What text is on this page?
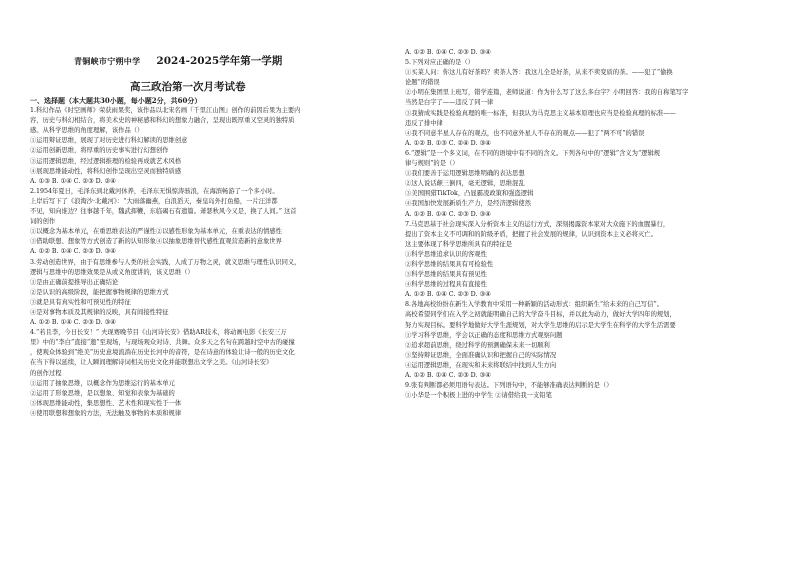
青铜峡市宁朔中学 2024-2025学年第一学期
高三政治第一次月考试卷
一、选择题（本大题共30小题，每小题2分，共60分）
1.科幻作品《时空画师》荣获雨果奖，该作品以北宋名画『千里江山图』创作的前因后果为主要内
容，历史与科幻相结合，将美术史的神秘感和科幻的想象力融合，呈现出既厚重又空灵的独特质
感。从科学思维的角度理解，该作品（）
①运用辩证思维，展现了对历史进行科幻解读的思维创意
②运用创新思维，将厚重的历史事实进行幻想创作
③运用逻辑思维，经过逻辑推理的检验再成就艺术风格
④展现思维能动性，将科幻创作呈现出空灵而独特质感
A. ①③ B. ①④ C. ②③ D. ②④
2.1954年夏日，毛泽东到北戴河休养，毛泽东无惧惊涛骇浪，在海滨畅游了一个多小时。
上岸后写下了《浪淘沙·北戴河》：“大雨落幽燕，白浪滔天，秦皇岛外打鱼船，一片汪洋都
不见，知向谁边？往事越千年，魏武挥鞭，东临碣石有遗篇。萧瑟秋风今又是，换了人间。” 这首
词的创作
①以概念为基本单元，在重思维表达的严谨性②以感性形象为基本单元，在重表达的情感性
③借助联想、想象等方式创造了新的认知形象④以抽象思维替代感性直观营造新的意象世界
A. ①② B. ①④ C. ②③ D. ③④
3.劳动创造世界，由于有思维参与人类的社会实践，人成了万物之灵，就义思维与理性认识同义，
逻辑与思维中的思维效果是从或义角度讲的，该义思维（）
①是由正确前提推导出正确结论
②是认识的高级阶段，能把握事物规律的思维方式
③就是具有真实性和可预见性的特征
④是对事物本质及其规律的反映，具有间接性特征
A. ①② B. ①④ C. ②③ D. ③④
4.“若且李，今日长安！” 夫现赛晚节目《山河诗长安》借助AR技术，将动画电影《长安三万
里》中的“李白”直接“邀”至现场，与现场观众对诗、共舞。众多天之名句在跨越时空中古的碰撞
，使观众体验到“绝美”历史意境流淌在历史长河中的音符，是在诗意的体验让诗一般的历史文化
在当下得以延续，让人瞬间理解诗词相关历史文化并能联想出文学之美。《山河诗长安》
的创作过程
①运用了抽象思维，以概念作为思维运行的基本单元
②运用了形象思维，是以想象、知觉和表象为基础的
③体现思维能动性，集思想性、艺术性和现实性于一体
④使用联想和想象的方法，无法触及事物的本质和规律
A. ①② B. ①④ C. ②③ D. ③④
5.下列对应正确的是（）
①买菜人问：你这儿有好茶吗？卖茶人答：我这儿全是好茶，从来不卖变质的茶。——犯了“偷换
论题”的错误
②小明在集团里上班写，错学连篇，老师说道：作为什么写了这么多白字？小明回答：我的自称笔写字
当然是白字了——违反了同一律
③我猜成实践是检验真理的唯一标准，但我认为马克思主义基本原理也应当是检验真理的标准——
违反了排中律
④我不同意半星人存在的观点，也不同意外星人不存在的观点——犯了“两不可”的错误
A. ①② B. ①③ C. ②④ D. ③④
6.“逻辑”是一个多义词，在不同的语境中有不同的含义。下列各句中的“逻辑”含义为“逻辑规
律与规则”的是（）
①我们要善于运用逻辑思维明确的表达思想
②这人说话颠三倒四，毫无逻辑，思维混乱
③美国围猎TikTok，凸显霸凌政策和强盗逻辑
④我国加快发展新质生产力，是经济逻辑使然
A. ①② B. ①④ C. ②③ D. ③④
7.马克思基于社会现实深入分析资本主义的运行方式，深刻揭露资本家对大众施下的血腥暴行，
提出了资本主义不可调和的阶级矛盾，把握了社会发展的规律，认识到资本主义必将灭亡。
这主要体现了科学思维所具有的特征是
①科学思维追求认识的客观性
②科学思维的结果具有可检验性
③科学思维的结果具有预见性
④科学思维的过程具有直接性
A. ①② B. ①④ C. ②③ D. ③④
8.各地高校纷纷在新生入学教育中采用一种新颖的活动形式：组织新生“给未来的自己写信”。
高校希望同学们在入学之初就能明确自己的大学奋斗目标，并以此为动力，做好大学四年的规划，
努力实现目标。要科学地做好大学生涯规划，对大学生思维的启示是大学生在科学的大学生活需要
①学习科学思维，学会以正确的态度和思维方式观察问题
②追求超前思维，绕过科学的预测确保未来一切顺利
③坚持辩证思维，全面准确认识和把握自己的实际情况
④运用逻辑思维，在现实和未来将联结中找到人生方向
A. ①② B. ①④ C. ②③ D. ③④
9.张有判断都必须用语句表达。下列语句中，不能够准确表达判断的是（）
①小华是一个积极上进的中学生 ②请借给我一支铅笔
